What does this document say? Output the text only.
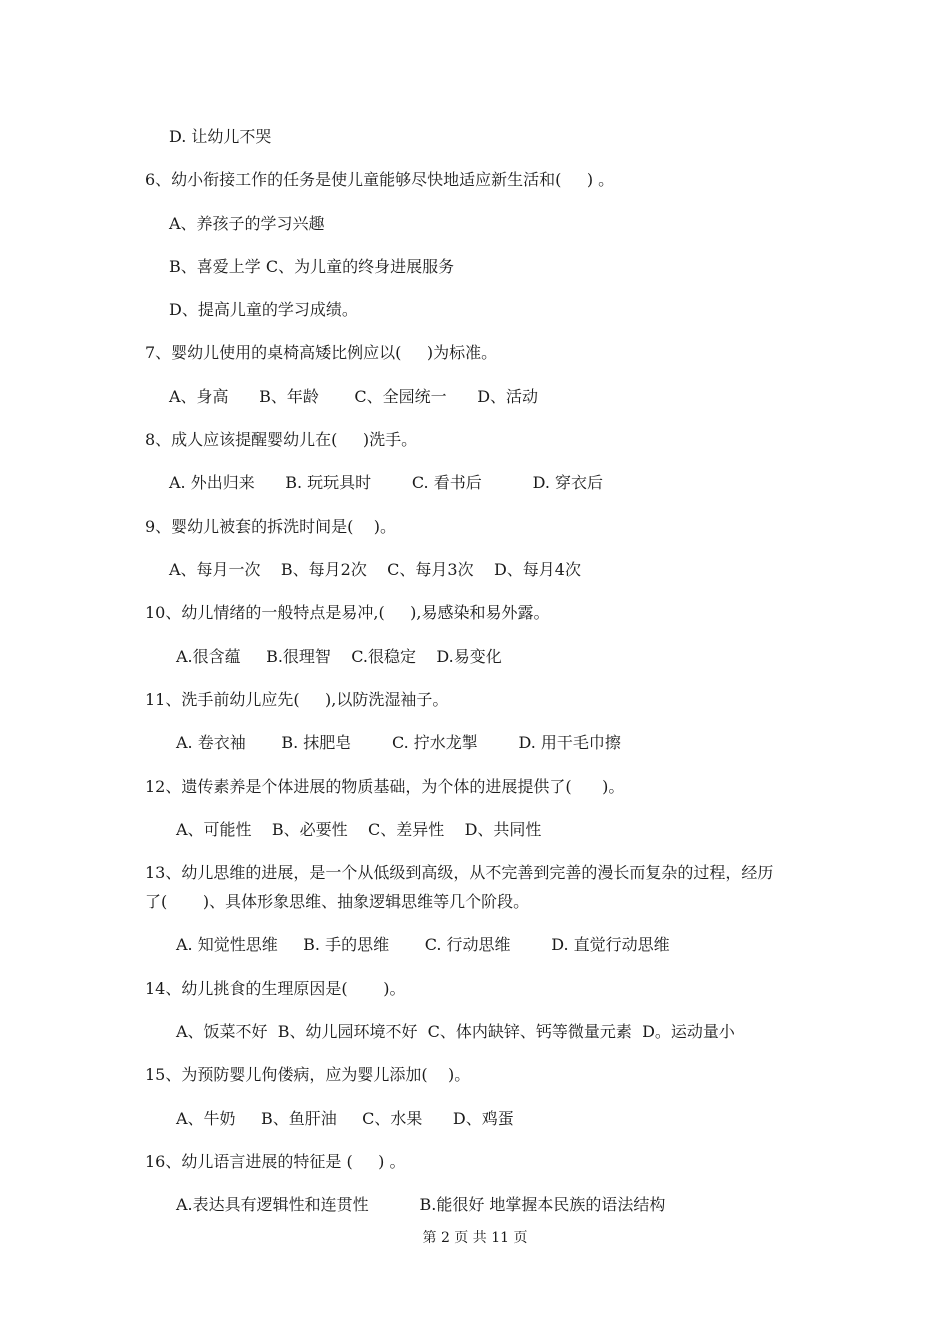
D. 让幼儿不哭
6、幼小衔接工作的任务是使儿童能够尽快地适应新生活和(     ) 。
A、养孩子的学习兴趣
B、喜爱上学 C、为儿童的终身进展服务
D、提高儿童的学习成绩。
7、婴幼儿使用的桌椅高矮比例应以(     )为标准。
A、身高      B、年龄       C、全园统一      D、活动
8、成人应该提醒婴幼儿在(     )洗手。
A. 外出归来      B. 玩玩具时        C. 看书后          D. 穿衣后
9、婴幼儿被套的拆洗时间是(    )。
A、每月一次    B、每月2次    C、每月3次    D、每月4次
10、幼儿情绪的一般特点是易冲,(     ),易感染和易外露。
A.很含蕴     B.很理智    C.很稳定    D.易变化
11、洗手前幼儿应先(     ),以防洗湿袖子。
A. 卷衣袖       B. 抹肥皂        C. 拧水龙掣        D. 用干毛巾擦
12、遗传素养是个体进展的物质基础，为个体的进展提供了(      )。
A、可能性    B、必要性    C、差异性    D、共同性
13、幼儿思维的进展，是一个从低级到高级，从不完善到完善的漫长而复杂的过程，经历
了(       )、具体形象思维、抽象逻辑思维等几个阶段。
A. 知觉性思维     B. 手的思维       C. 行动思维        D. 直觉行动思维
14、幼儿挑食的生理原因是(       )。
A、饭菜不好  B、幼儿园环境不好  C、体内缺锌、钙等微量元素  D。运动量小
15、为预防婴儿佝偻病，应为婴儿添加(    )。
A、牛奶     B、鱼肝油     C、水果      D、鸡蛋
16、幼儿语言进展的特征是 (     ) 。
A.表达具有逻辑性和连贯性          B.能很好 地掌握本民族的语法结构
第 2 页 共 11 页
